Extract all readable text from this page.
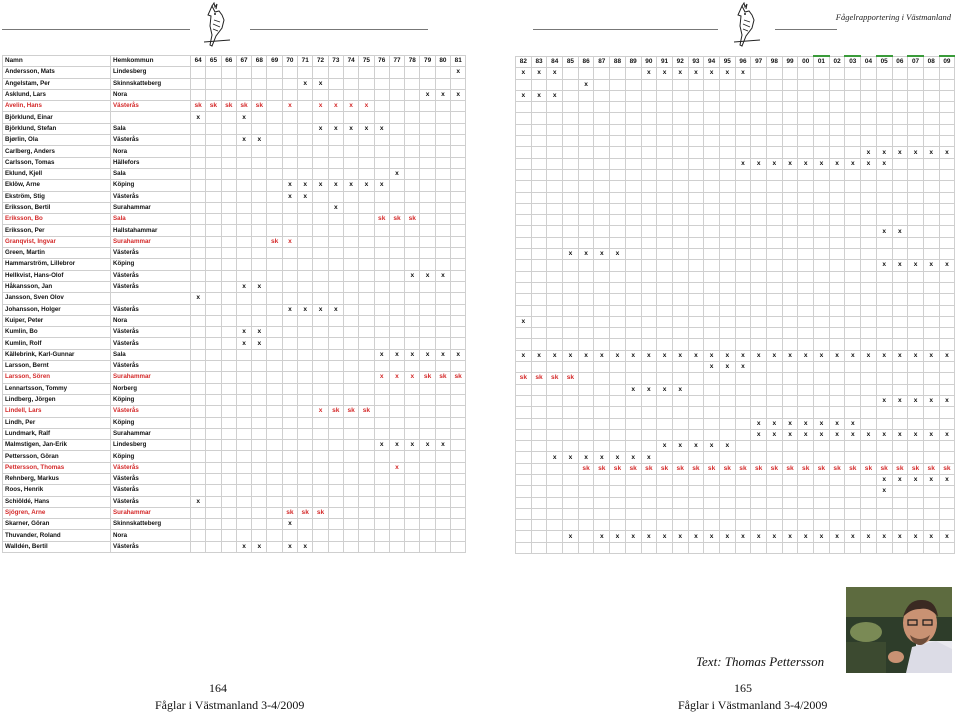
Fågelrapportering i Västmanland
Namn	Hemkommun	64	65	66	67	68	69	70	71	72	73	74	75	76	77	78	79	80	81
Andersson, Mats	Lindesberg																		x
Angelstam, Per	Skinnskatteberg								x	x									
Asklund, Lars	Nora																x	x	x
Avelin, Hans	Västerås	sk	sk	sk	sk	sk		x		x	x	x	x						
Björklund, Einar		x			x														
Björklund, Stefan	Sala									x	x	x	x	x					
Bjørlin, Ola	Västerås				x	x													
Carlberg, Anders	Nora																		
Carlsson, Tomas	Hällefors																		
Eklund, Kjell	Sala														x				
Eklöw, Arne	Köping							x	x	x	x	x	x	x					
Ekström, Stig	Västerås							x	x										
Eriksson, Bertil	Surahammar										x								
Eriksson, Bo	Sala													sk	sk	sk			
Eriksson, Per	Hallstahammar																		
Granqvist, Ingvar	Surahammar						sk	x											
Green, Martin	Västerås																		
Hammarström, Lillebror	Köping																		
Hellkvist, Hans-Olof	Västerås															x	x	x	
Håkansson, Jan	Västerås				x	x													
Jansson, Sven Olov		x																	
Johansson, Holger	Västerås							x	x	x	x								
Kuiper, Peter	Nora																		
Kumlin, Bo	Västerås				x	x													
Kumlin, Rolf	Västerås				x	x													
Källebrink, Karl-Gunnar	Sala													x	x	x	x	x	x
Larsson, Bernt	Västerås																		
Larsson, Sören	Surahammar													x	x	x	sk	sk	sk
Lennartsson, Tommy	Norberg																		
Lindberg, Jörgen	Köping																		
Lindell, Lars	Västerås									x	sk	sk	sk						
Lindh, Per	Köping																		
Lundmark, Ralf	Surahammar																		
Malmstigen, Jan-Erik	Lindesberg													x	x	x	x	x	
Pettersson, Göran	Köping																		
Pettersson, Thomas	Västerås														x				
Rehnberg, Markus	Västerås																		
Roos, Henrik	Västerås																		
Schiöldé, Hans	Västerås	x																	
Sjögren, Arne	Surahammar							sk	sk	sk									
Skarner, Göran	Skinnskatteberg							x											
Thuvander, Roland	Nora																		
Walldén, Bertil	Västerås				x	x		x	x										
82	83	84	85	86	87	88	89	90	91	92	93	94	95	96	97	98	99	00	01	02	03	04	05	06	07	08	09
x	x	x						x	x	x	x	x	x	x													
				x																							
x	x	x																									

																						x	x	x	x	x	x
														x	x	x	x	x	x	x	x	x	x				

																							x	x			

			x	x	x	x																					
																							x	x	x	x	x

x																											

x	x	x	x	x	x	x	x	x	x	x	x	x	x	x	x	x	x	x	x	x	x	x	x	x	x	x	x
												x	x	x													
sk	sk	sk	sk																								
							x	x	x	x																	
																							x	x	x	x	x

															x	x	x	x	x	x	x						
															x	x	x	x	x	x	x	x	x	x	x	x	x
									x	x	x	x	x														
		x	x	x	x	x	x	x																			
				sk	sk	sk	sk	sk	sk	sk	sk	sk	sk	sk	sk	sk	sk	sk	sk	sk	sk	sk	sk	sk	sk	sk	sk
																							x	x	x	x	x
																							x				

			x		x	x	x	x	x	x	x	x	x	x	x	x	x	x	x	x	x	x	x	x	x	x	x

Text: Thomas Pettersson
164	165
Fåglar i Västmanland 3-4/2009	Fåglar i Västmanland 3-4/2009
